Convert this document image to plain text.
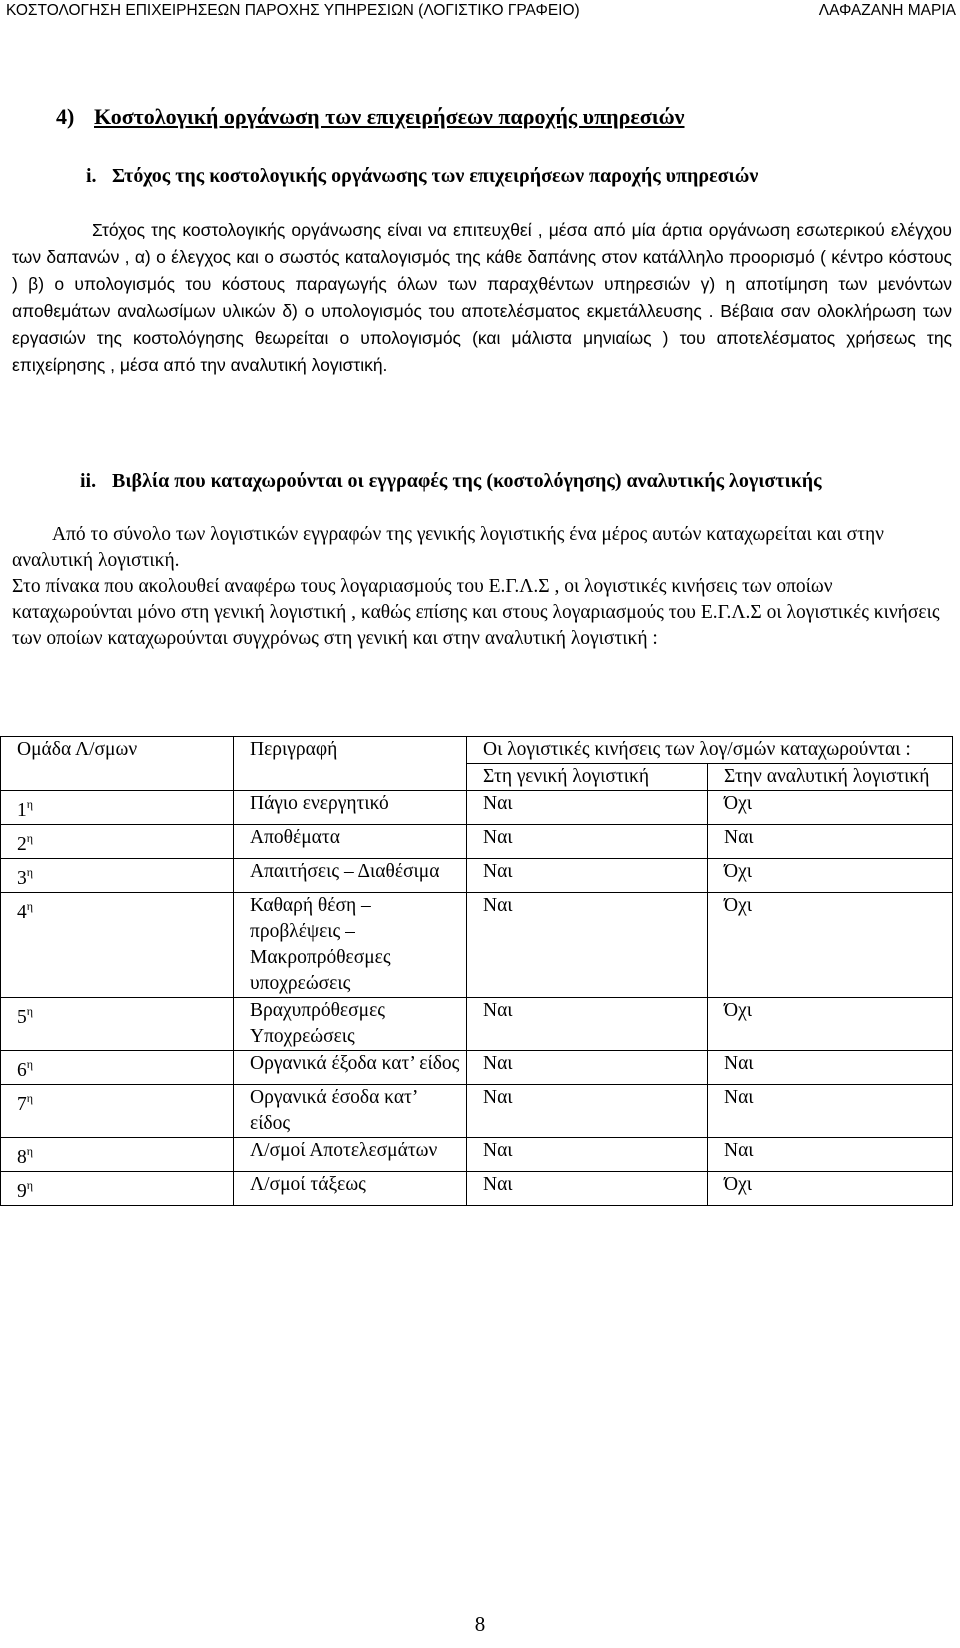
ΚΟΣΤΟΛΟΓΗΣΗ ΕΠΙΧΕΙΡΗΣΕΩΝ ΠΑΡΟΧΗΣ ΥΠΗΡΕΣΙΩΝ (ΛΟΓΙΣΤΙΚΟ ΓΡΑΦΕΙΟ)	ΛΑΦΑΖΑΝΗ ΜΑΡΙΑ
4) Κοστολογική οργάνωση των επιχειρήσεων παροχής υπηρεσιών
i. Στόχος της κοστολογικής οργάνωσης των επιχειρήσεων παροχής υπηρεσιών
Στόχος της κοστολογικής οργάνωσης είναι να επιτευχθεί , μέσα από μία άρτια οργάνωση εσωτερικού ελέγχου των δαπανών , α) ο έλεγχος και ο σωστός καταλογισμός της κάθε δαπάνης στον κατάλληλο προορισμό ( κέντρο κόστους ) β) ο υπολογισμός του κόστους παραγωγής όλων των παραχθέντων υπηρεσιών γ) η αποτίμηση των μενόντων αποθεμάτων αναλωσίμων υλικών δ) ο υπολογισμός του αποτελέσματος εκμετάλλευσης . Βέβαια σαν ολοκλήρωση των εργασιών της κοστολόγησης θεωρείται ο υπολογισμός (και μάλιστα μηνιαίως ) του αποτελέσματος χρήσεως της επιχείρησης , μέσα από την αναλυτική λογιστική.
ii. Βιβλία που καταχωρούνται οι εγγραφές της (κοστολόγησης) αναλυτικής λογιστικής

Από το σύνολο των λογιστικών εγγραφών της γενικής λογιστικής ένα μέρος αυτών καταχωρείται και στην αναλυτική λογιστική.

Στο πίνακα που ακολουθεί αναφέρω τους λογαριασμούς του Ε.Γ.Λ.Σ , οι λογιστικές κινήσεις των οποίων καταχωρούνται μόνο στη γενική λογιστική , καθώς επίσης και στους λογαριασμούς του Ε.Γ.Λ.Σ οι λογιστικές κινήσεις των οποίων καταχωρούνται συγχρόνως στη γενική και στην αναλυτική λογιστική :

Ομάδα Λ/σμων	Περιγραφή	Οι λογιστικές κινήσεις των λογ/σμών καταχωρούνται :	
		Στη γενική λογιστική	Στην αναλυτική λογιστική
$1^\eta$	Πάγιο ενεργητικό	Ναι	Όχι
$2^\eta$	Αποθέματα	Ναι	Ναι
$3^\eta$	Απαιτήσεις – Διαθέσιμα	Ναι	Όχι
$4^\eta$	Καθαρή θέση – προβλέψεις – Μακροπρόθεσμες υποχρεώσεις	Ναι	Όχι
$5^\eta$	Βραχυπρόθεσμες Υποχρεώσεις	Ναι	Όχι
$6^\eta$	Οργανικά έξοδα κατ’ είδος	Ναι	Ναι
$7^\eta$	Οργανικά έσοδα κατ’ είδος	Ναι	Ναι
$8^\eta$	Λ/σμοί Αποτελεσμάτων	Ναι	Ναι
$9^\eta$	Λ/σμοί τάξεως	Ναι	Όχι
8
